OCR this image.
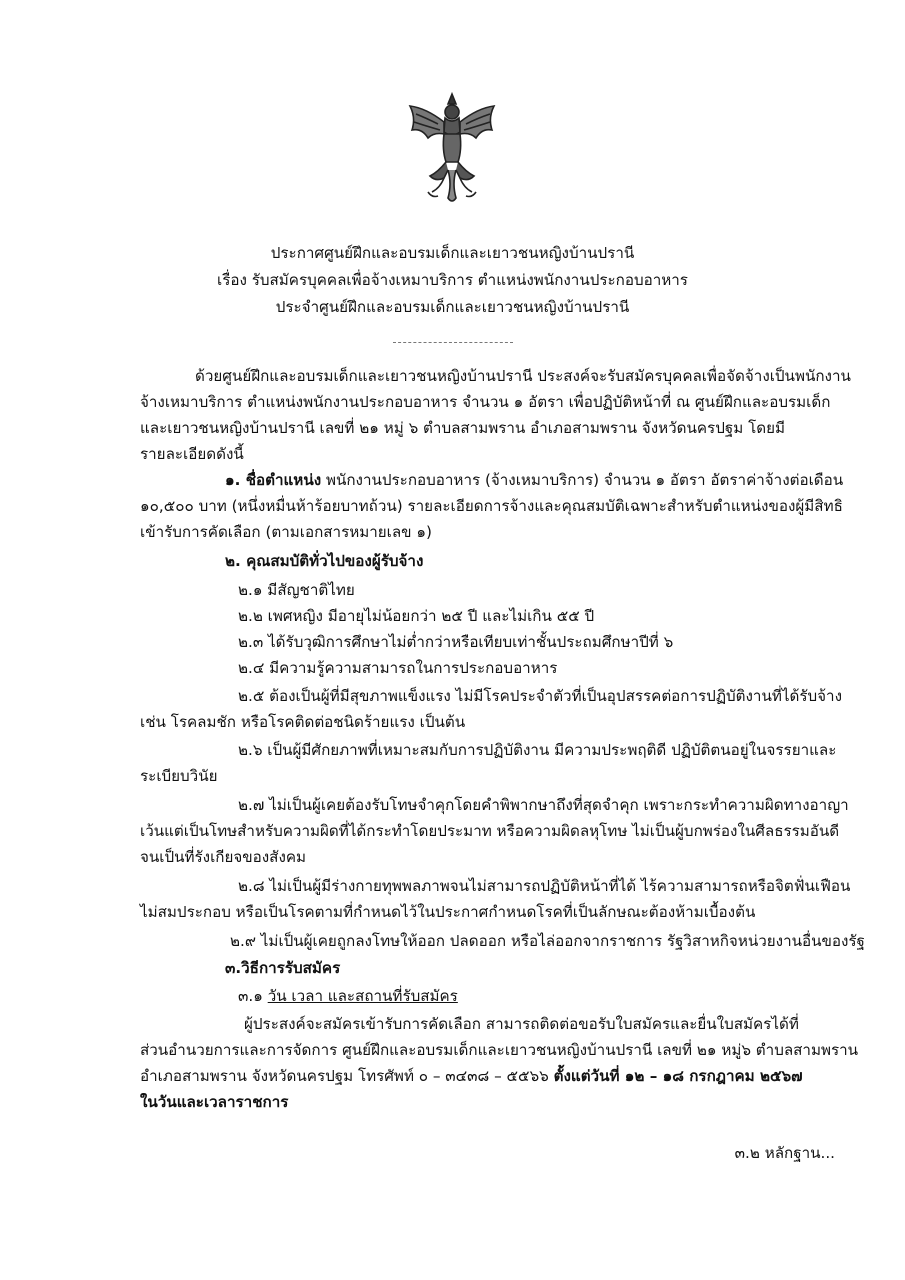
ประกาศศูนย์ฝึกและอบรมเด็กและเยาวชนหญิงบ้านปรานี
เรื่อง รับสมัครบุคคลเพื่อจ้างเหมาบริการ ตำแหน่งพนักงานประกอบอาหาร
ประจำศูนย์ฝึกและอบรมเด็กและเยาวชนหญิงบ้านปรานี
ด้วยศูนย์ฝึกและอบรมเด็กและเยาวชนหญิงบ้านปรานี ประสงค์จะรับสมัครบุคคลเพื่อจัดจ้างเป็นพนักงาน
จ้างเหมาบริการ ตำแหน่งพนักงานประกอบอาหาร จำนวน ๑ อัตรา เพื่อปฏิบัติหน้าที่ ณ ศูนย์ฝึกและอบรมเด็ก
และเยาวชนหญิงบ้านปรานี เลขที่ ๒๑ หมู่ ๖ ตำบลสามพราน อำเภอสามพราน จังหวัดนครปฐม โดยมี
รายละเอียดดังนี้
๑. ชื่อตำแหน่ง พนักงานประกอบอาหาร (จ้างเหมาบริการ) จำนวน ๑ อัตรา อัตราค่าจ้างต่อเดือน
๑๐,๕๐๐ บาท (หนึ่งหมื่นห้าร้อยบาทถ้วน) รายละเอียดการจ้างและคุณสมบัติเฉพาะสำหรับตำแหน่งของผู้มีสิทธิ
เข้ารับการคัดเลือก (ตามเอกสารหมายเลข ๑)
๒. คุณสมบัติทั่วไปของผู้รับจ้าง
๒.๑ มีสัญชาติไทย
๒.๒ เพศหญิง มีอายุไม่น้อยกว่า ๒๕ ปี และไม่เกิน ๕๕ ปี
๒.๓ ได้รับวุฒิการศึกษาไม่ต่ำกว่าหรือเทียบเท่าชั้นประถมศึกษาปีที่ ๖
๒.๔ มีความรู้ความสามารถในการประกอบอาหาร
๒.๕ ต้องเป็นผู้ที่มีสุขภาพแข็งแรง ไม่มีโรคประจำตัวที่เป็นอุปสรรคต่อการปฏิบัติงานที่ได้รับจ้าง
เช่น โรคลมชัก หรือโรคติดต่อชนิดร้ายแรง เป็นต้น
๒.๖ เป็นผู้มีศักยภาพที่เหมาะสมกับการปฏิบัติงาน มีความประพฤติดี ปฏิบัติตนอยู่ในจรรยาและ
ระเบียบวินัย
๒.๗ ไม่เป็นผู้เคยต้องรับโทษจำคุกโดยคำพิพากษาถึงที่สุดจำคุก เพราะกระทำความผิดทางอาญา
เว้นแต่เป็นโทษสำหรับความผิดที่ได้กระทำโดยประมาท หรือความผิดลหุโทษ ไม่เป็นผู้บกพร่องในศีลธรรมอันดี
จนเป็นที่รังเกียจของสังคม
๒.๘ ไม่เป็นผู้มีร่างกายทุพพลภาพจนไม่สามารถปฏิบัติหน้าที่ได้ ไร้ความสามารถหรือจิตฟั่นเฟือน
ไม่สมประกอบ หรือเป็นโรคตามที่กำหนดไว้ในประกาศกำหนดโรคที่เป็นลักษณะต้องห้ามเบื้องต้น
๒.๙ ไม่เป็นผู้เคยถูกลงโทษให้ออก ปลดออก หรือไล่ออกจากราชการ รัฐวิสาหกิจหน่วยงานอื่นของรัฐ
๓.วิธีการรับสมัคร
๓.๑ วัน เวลา และสถานที่รับสมัคร
ผู้ประสงค์จะสมัครเข้ารับการคัดเลือก สามารถติดต่อขอรับใบสมัครและยื่นใบสมัครได้ที่
ส่วนอำนวยการและการจัดการ ศูนย์ฝึกและอบรมเด็กและเยาวชนหญิงบ้านปรานี เลขที่ ๒๑ หมู่๖ ตำบลสามพราน
อำเภอสามพราน จังหวัดนครปฐม โทรศัพท์ ๐ – ๓๔๓๘ – ๕๕๖๖ ตั้งแต่วันที่ ๑๒ – ๑๘ กรกฎาคม ๒๕๖๗
ในวันและเวลาราชการ
๓.๒ หลักฐาน...
